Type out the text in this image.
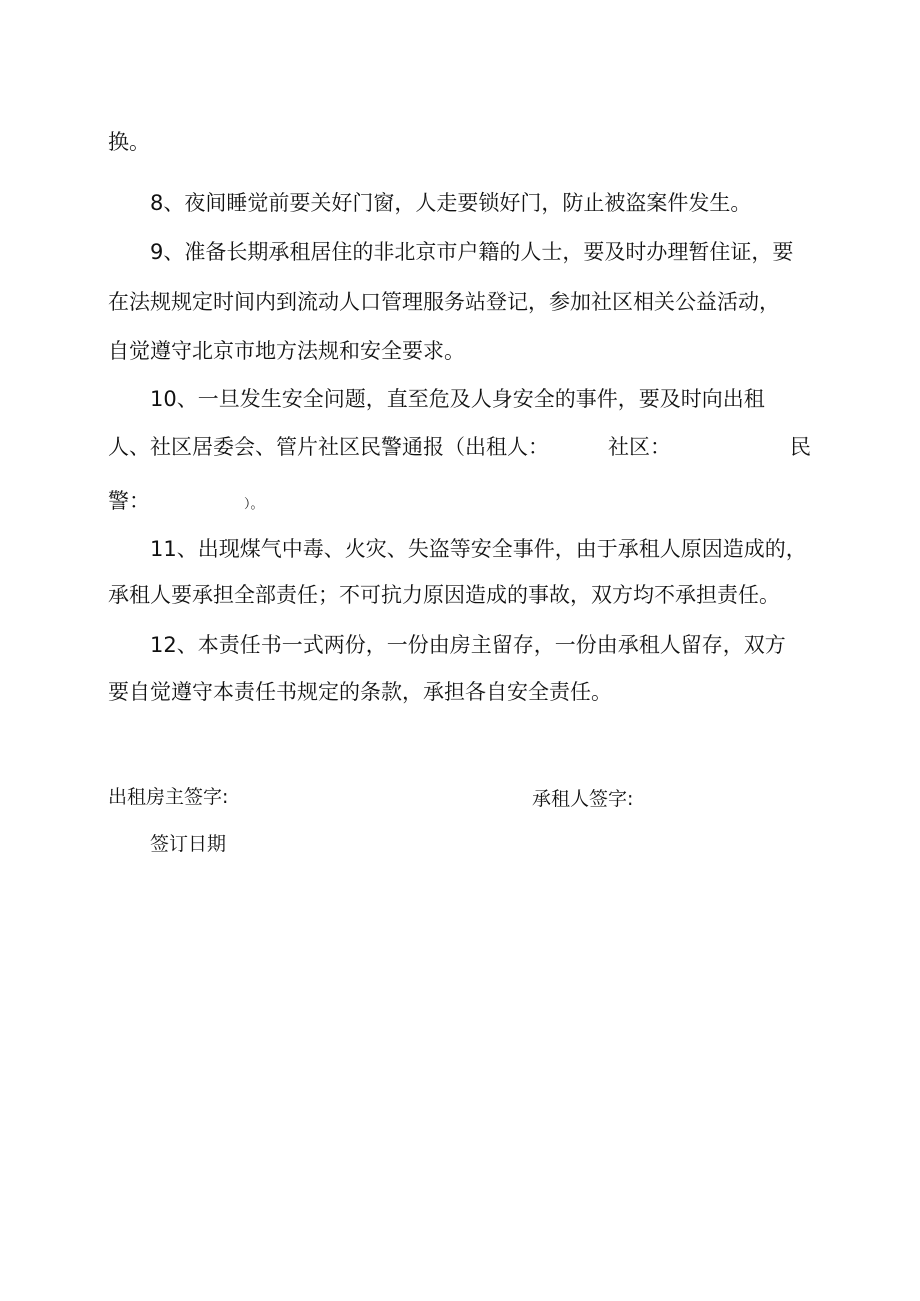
换。
8、夜间睡觉前要关好门窗，人走要锁好门，防止被盗案件发生。
9、准备长期承租居住的非北京市户籍的人士，要及时办理暂住证，要
在法规规定时间内到流动人口管理服务站登记，参加社区相关公益活动，
自觉遵守北京市地方法规和安全要求。
10、一旦发生安全问题，直至危及人身安全的事件，要及时向出租
人、社区居委会、管片社区民警通报（出租人：	社区：	民
警：	）。
11、出现煤气中毒、火灾、失盗等安全事件，由于承租人原因造成的，
承租人要承担全部责任；不可抗力原因造成的事故，双方均不承担责任。
12、本责任书一式两份，一份由房主留存，一份由承租人留存，双方
要自觉遵守本责任书规定的条款，承担各自安全责任。
出租房主签字:	承租人签字:
签订日期
